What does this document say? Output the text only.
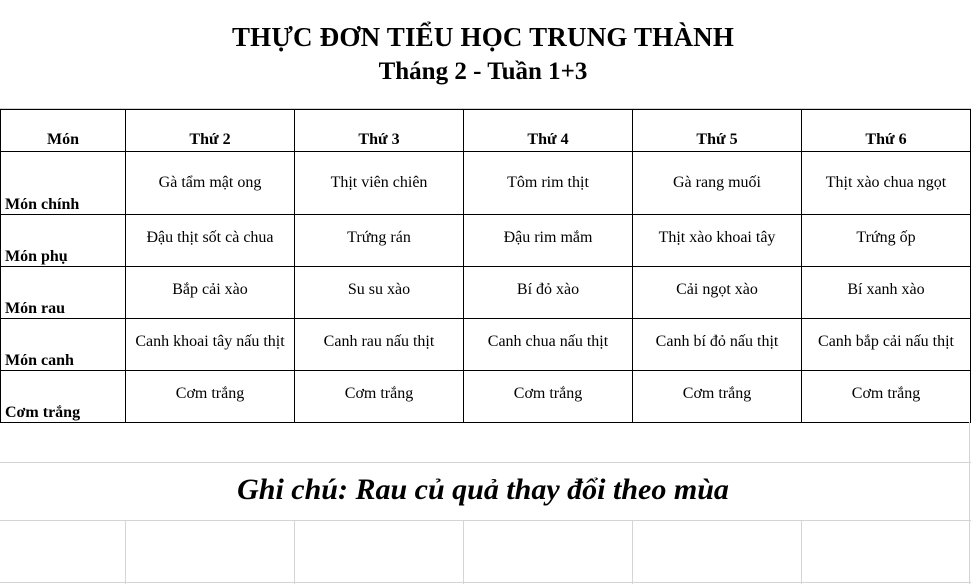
THỰC ĐƠN TIỂU HỌC TRUNG THÀNH
Tháng 2 - Tuần 1+3
Món	Thứ 2	Thứ 3	Thứ 4	Thứ 5	Thứ 6

Món chính	Gà tẩm mật ong	Thịt viên chiên	Tôm rim thịt	Gà rang muối	Thịt xào chua ngọt

Món phụ	Đậu thịt sốt cà chua	Trứng rán	Đậu rim mắm	Thịt xào khoai tây	Trứng ốp

Món rau	Bắp cải xào	Su su xào	Bí đỏ xào	Cải ngọt xào	Bí xanh xào

Món canh	Canh khoai tây nấu thịt	Canh rau nấu thịt	Canh chua nấu thịt	Canh bí đỏ nấu thịt	Canh bắp cải nấu thịt

Cơm trắng	Cơm trắng	Cơm trắng	Cơm trắng	Cơm trắng	Cơm trắng
Ghi chú: Rau củ quả thay đổi theo mùa
